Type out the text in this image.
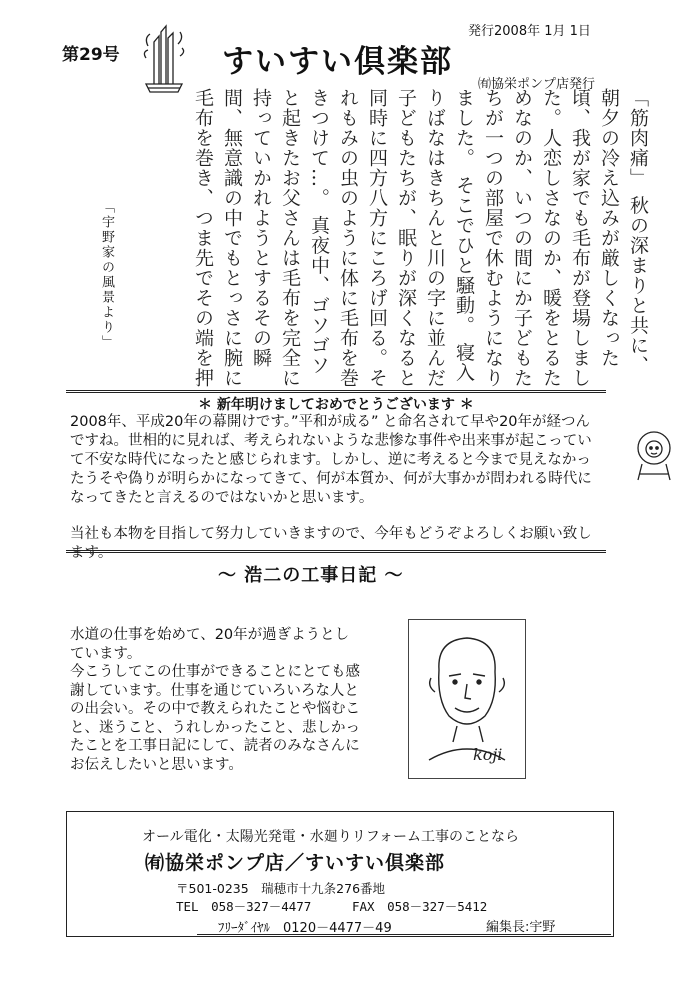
第29号	すいすい倶楽部
発行2008年 1月 1日
㈲協栄ポンプ店発行
「筋肉痛」 秋の深まりと共に、朝夕の冷え込みが厳しくなった頃、我が家でも毛布が登場しました。人恋しさなのか、暖をとるためなのか、いつの間にか子どもたちが一つの部屋で休むようになりました。 そこでひと騒動。 寝入りばなはきちんと川の字に並んだ子どもたちが、眠りが深くなると同時に四方八方にころげ回る。それもみの虫のように体に毛布を巻きつけて…。 真夜中、ゴソゴソと起きたお父さんは毛布を完全に持っていかれようとするその瞬間、無意識の中でもとっさに腕に毛布を巻き、つま先でその端を押
「宇野家の風景より」
＊ 新年明けましておめでとうございます ＊

2008年、平成20年の幕開けです。”平和が成る” と命名されて早や20年が経つんですね。世相的に見れば、考えられないような悲惨な事件や出来事が起こっていて不安な時代になったと感じられます。しかし、逆に考えると今まで見えなかったうそや偽りが明らかになってきて、何が本質か、何が大事かが問われる時代になってきたと言えるのではないかと思います。

当社も本物を目指して努力していきますので、今年もどうぞよろしくお願い致します。

～ 浩二の工事日記 ～

水道の仕事を始めて、20年が過ぎようとしています。

今こうしてこの仕事ができることにとても感謝しています。仕事を通じていろいろな人との出会い。その中で教えられたことや悩むこと、迷うこと、うれしかったこと、悲しかったことを工事日記にして、読者のみなさんにお伝えしたいと思います。

koji
オール電化・太陽光発電・水廻りリフォーム工事のことなら
㈲協栄ポンプ店／すいすい倶楽部
〒501-0235　瑞穂市十九条276番地
TEL　058－327－4477	FAX　058－327－5412
ﾌﾘｰﾀﾞｲﾔﾙ　0120－4477－49	編集長:宇野
